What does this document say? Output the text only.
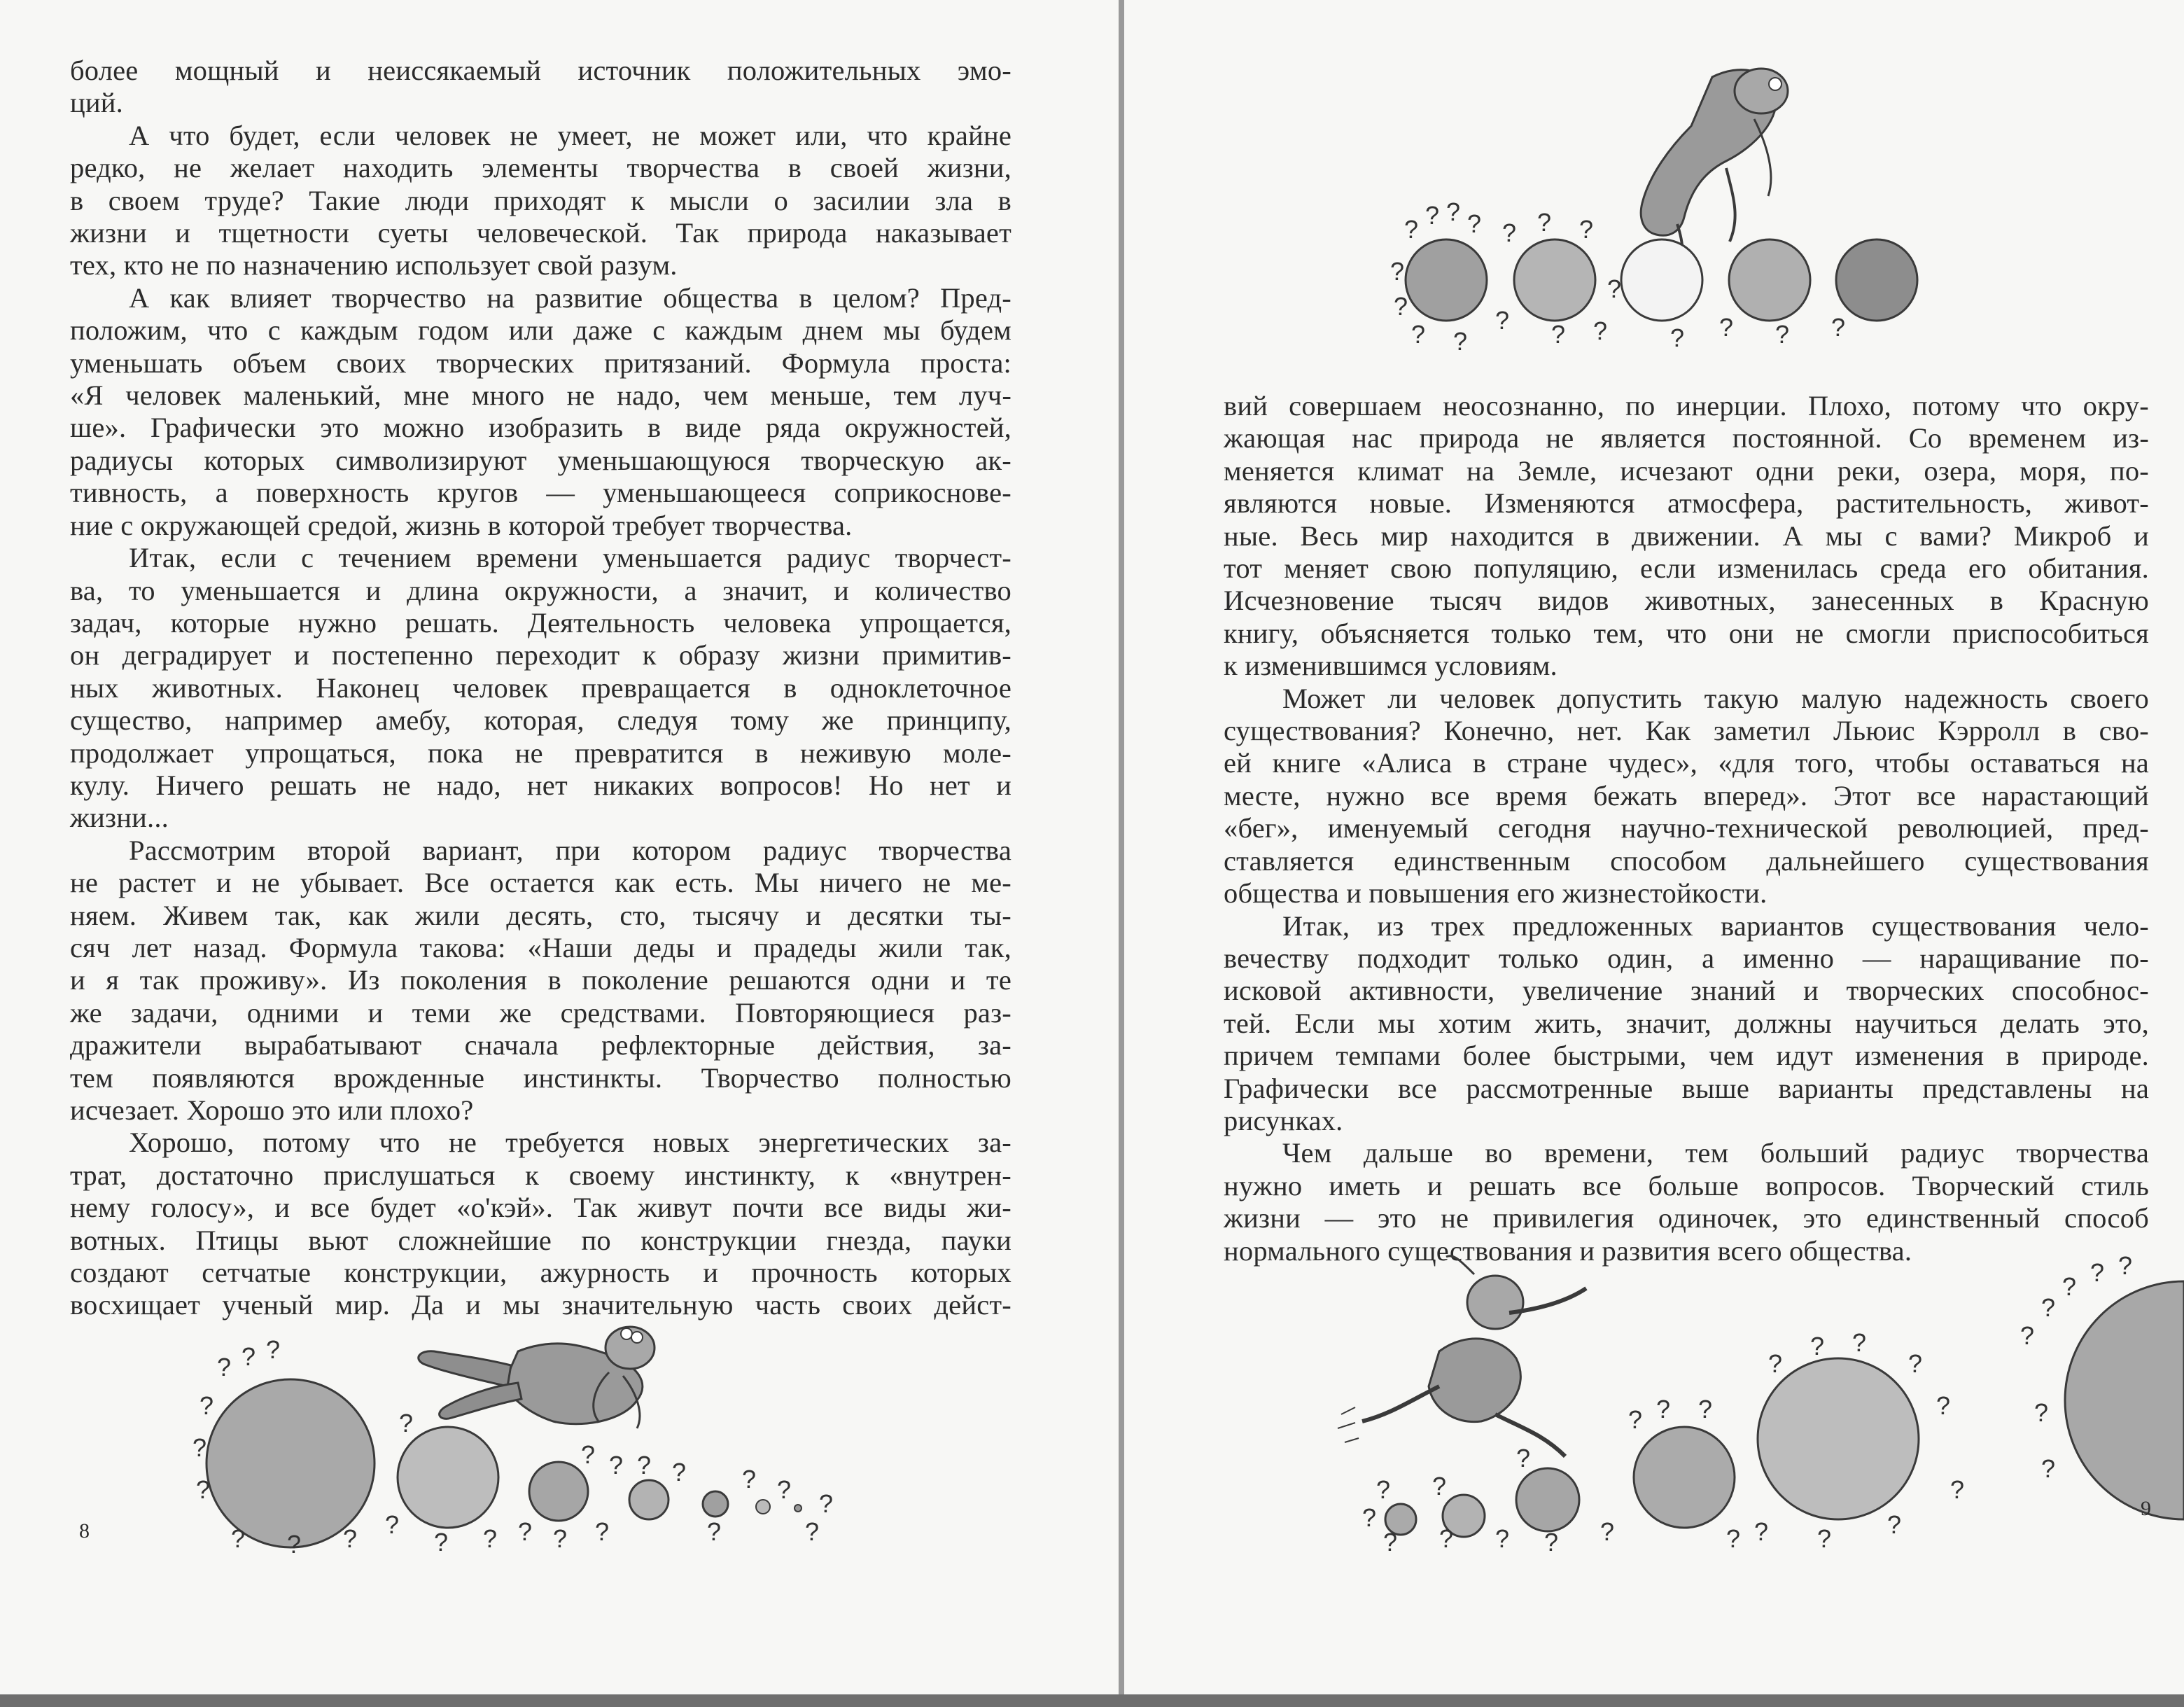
более мощный и неиссякаемый источник положительных эмо-
ций.
А что будет, если человек не умеет, не может или, что крайне
редко, не желает находить элементы творчества в своей жизни,
в своем труде? Такие люди приходят к мысли о засилии зла в
жизни и тщетности суеты человеческой. Так природа наказывает
тех, кто не по назначению использует свой разум.
А как влияет творчество на развитие общества в целом? Пред-
положим, что с каждым годом или даже с каждым днем мы будем
уменьшать объем своих творческих притязаний. Формула проста:
«Я человек маленький, мне много не надо, чем меньше, тем луч-
ше». Графически это можно изобразить в виде ряда окружностей,
радиусы которых символизируют уменьшающуюся творческую ак-
тивность, а поверхность кругов — уменьшающееся соприкоснове-
ние с окружающей средой, жизнь в которой требует творчества.
Итак, если с течением времени уменьшается радиус творчест-
ва, то уменьшается и длина окружности, а значит, и количество
задач, которые нужно решать. Деятельность человека упрощается,
он деградирует и постепенно переходит к образу жизни примитив-
ных животных. Наконец человек превращается в одноклеточное
существо, например амебу, которая, следуя тому же принципу,
продолжает упрощаться, пока не превратится в неживую моле-
кулу. Ничего решать не надо, нет никаких вопросов! Но нет и
жизни...
Рассмотрим второй вариант, при котором радиус творчества
не растет и не убывает. Все остается как есть. Мы ничего не ме-
няем. Живем так, как жили десять, сто, тысячу и десятки ты-
сяч лет назад. Формула такова: «Наши деды и прадеды жили так,
и я так проживу». Из поколения в поколение решаются одни и те
же задачи, одними и теми же средствами. Повторяющиеся раз-
дражители вырабатывают сначала рефлекторные действия, за-
тем появляются врожденные инстинкты. Творчество полностью
исчезает. Хорошо это или плохо?
Хорошо, потому что не требуется новых энергетических за-
трат, достаточно прислушаться к своему инстинкту, к «внутрен-
нему голосу», и все будет «о'кэй». Так живут почти все виды жи-
вотных. Птицы вьют сложнейшие по конструкции гнезда, пауки
создают сетчатые конструкции, ажурность и прочность которых
восхищает ученый мир. Да и мы значительную часть своих дейст-
? ? ?
?
?
?
? ? ? ?
?
? ? ? ? ?
? ? ? ?
?
? ? ?
?
8
? ? ? ? ? ? ?
?
?
? ?
? ? ?
?
? ? ? ?
вий совершаем неосознанно, по инерции. Плохо, потому что окру-
жающая нас природа не является постоянной. Со временем из-
меняется климат на Земле, исчезают одни реки, озера, моря, по-
являются новые. Изменяются атмосфера, растительность, живот-
ные. Весь мир находится в движении. А мы с вами? Микроб и
тот меняет свою популяцию, если изменилась среда его обитания.
Исчезновение тысяч видов животных, занесенных в Красную
книгу, объясняется только тем, что они не смогли приспособиться
к изменившимся условиям.
Может ли человек допустить такую малую надежность своего
существования? Конечно, нет. Как заметил Льюис Кэрролл в сво-
ей книге «Алиса в стране чудес», «для того, чтобы оставаться на
месте, нужно все время бежать вперед». Этот все нарастающий
«бег», именуемый сегодня научно-технической революцией, пред-
ставляется единственным способом дальнейшего существования
общества и повышения его жизнестойкости.
Итак, из трех предложенных вариантов существования чело-
вечеству подходит только один, а именно — наращивание по-
исковой активности, увеличение знаний и творческих способнос-
тей. Если мы хотим жить, значит, должны научиться делать это,
причем темпами более быстрыми, чем идут изменения в природе.
Графически все рассмотренные выше варианты представлены на
рисунках.
Чем дальше во времени, тем больший радиус творчества
нужно иметь и решать все больше вопросов. Творческий стиль
жизни — это не привилегия одиночек, это единственный способ
нормального существования и развития всего общества.
?
?
?
?
? ?
?
? ?
? ? ?
? ?
?
? ?
?
?
? ?
?
?
?
? ? ?
?
?
9
